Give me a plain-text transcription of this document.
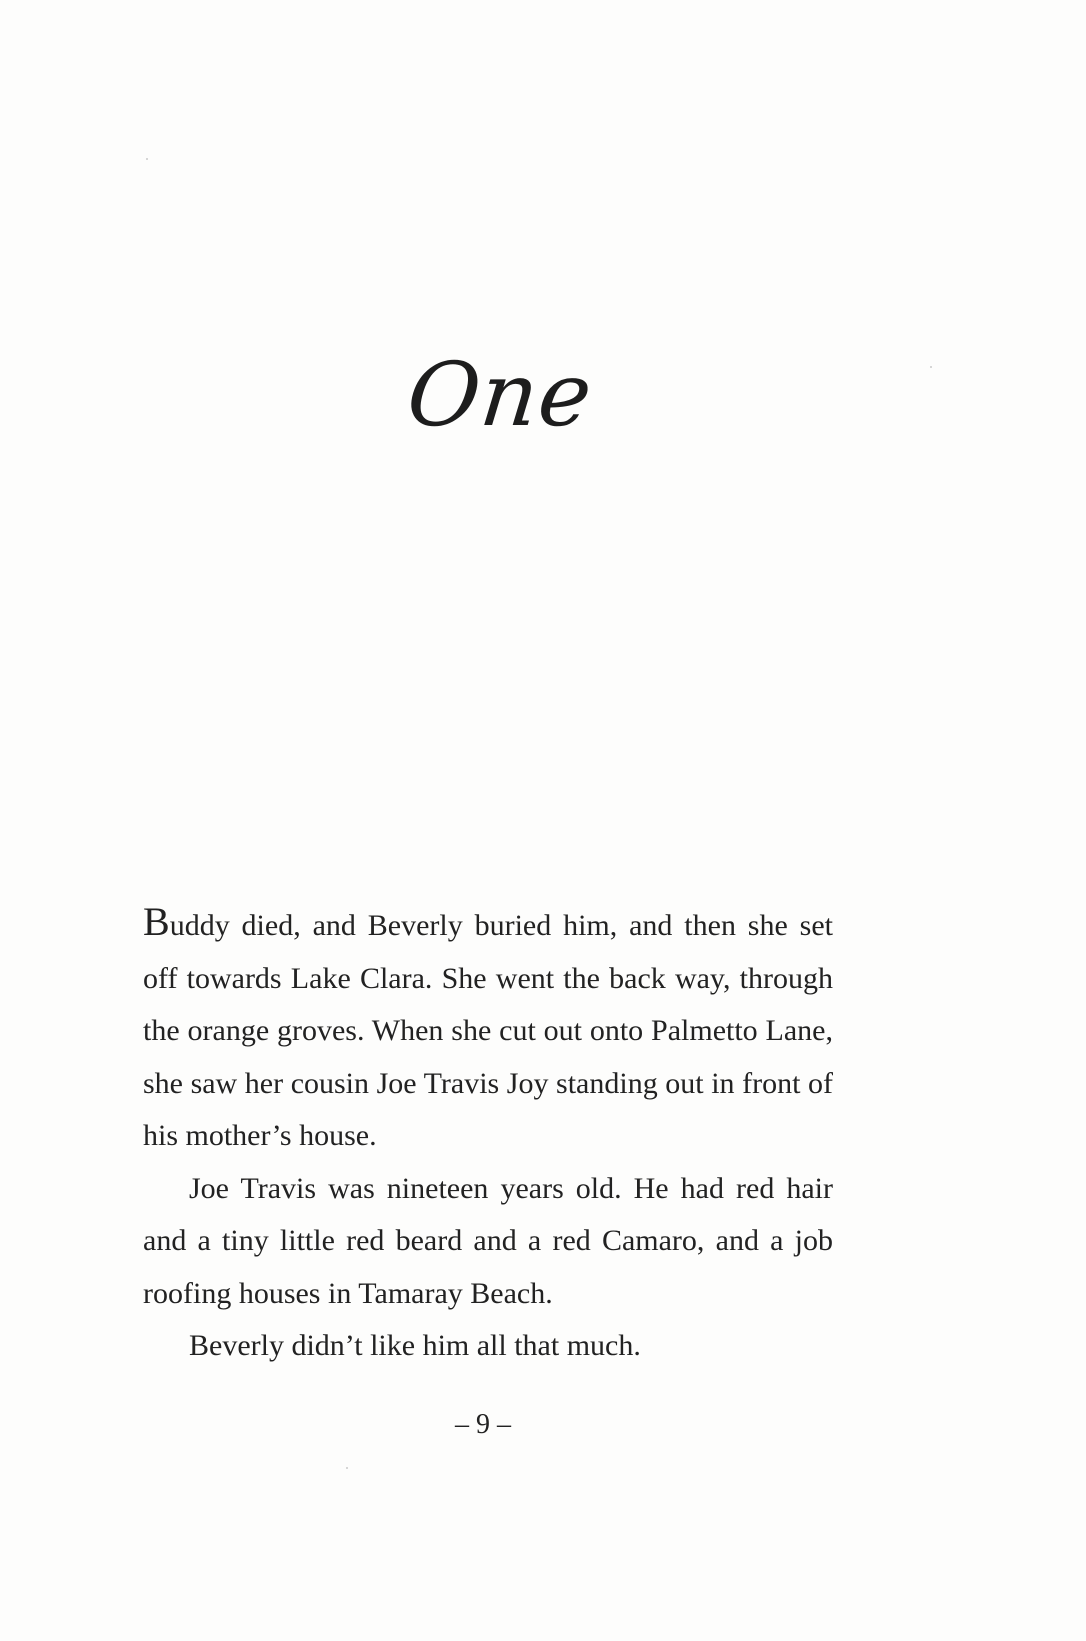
One

Buddy died, and Beverly buried him, and then she set off towards Lake Clara. She went the back way, through the orange groves. When she cut out onto Palmetto Lane, she saw her cousin Joe Travis Joy standing out in front of his mother’s house.

Joe Travis was nineteen years old. He had red hair and a tiny little red beard and a red Camaro, and a job roofing houses in Tamaray Beach.

Beverly didn’t like him all that much.

– 9 –
